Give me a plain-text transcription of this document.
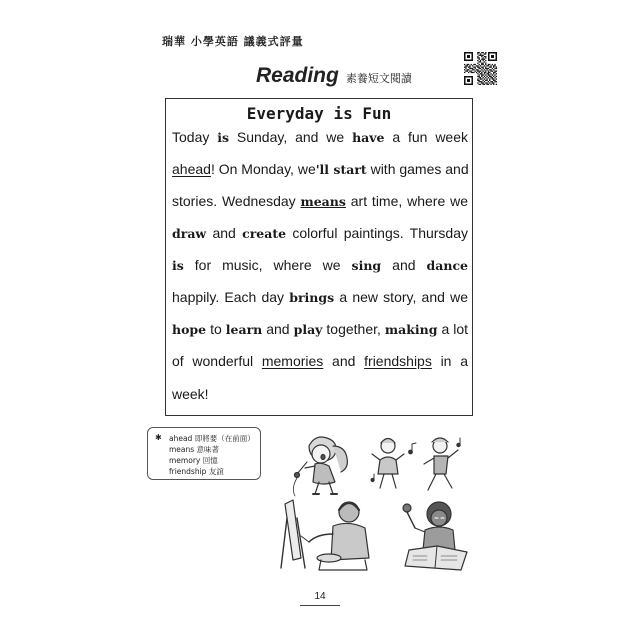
瑞華 小學英語 議義式評量
Reading 素養短文閱讀
Everyday is Fun
Today is Sunday, and we have a fun week
ahead! On Monday, we'll start with games and
stories. Wednesday means art time, where we
draw and create colorful paintings. Thursday
is for music, where we sing and dance
happily. Each day brings a new story, and we
hope to learn and play together, making a lot
of wonderful memories and friendships in a
week!
✱ ahead 即將要（在前面）
means 意味著
memory 回憶
friendship 友誼
14
